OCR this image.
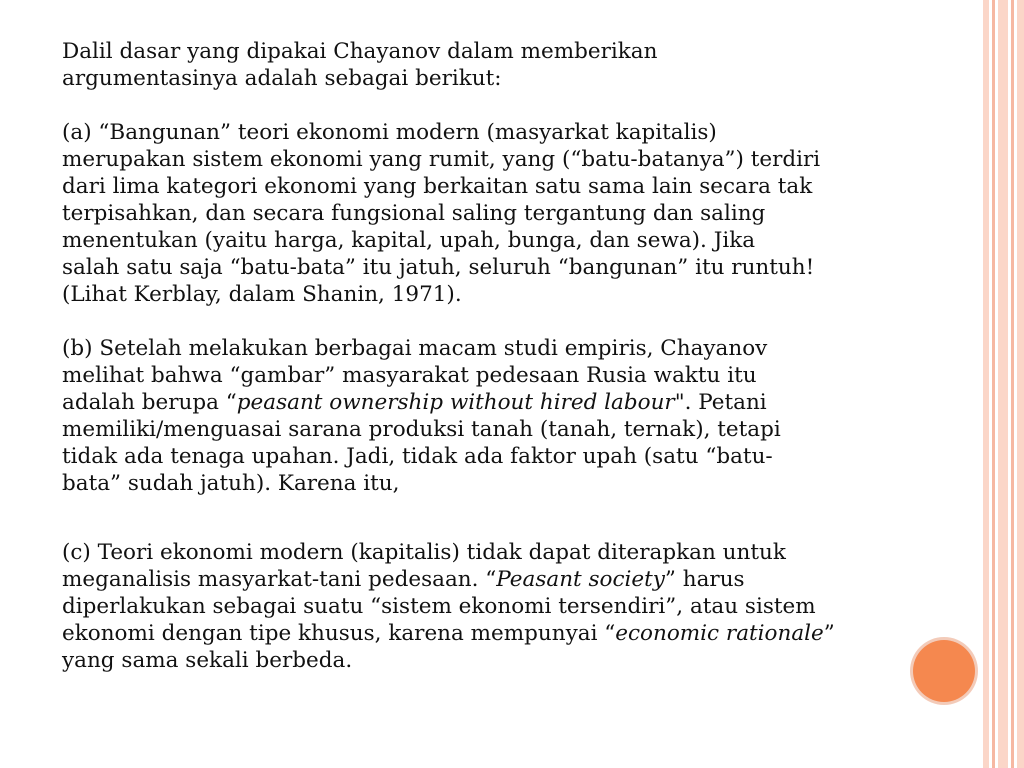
Dalil dasar yang dipakai Chayanov dalam memberikan
argumentasinya adalah sebagai berikut:
(a) “Bangunan” teori ekonomi modern (masyarkat kapitalis)
merupakan sistem ekonomi yang rumit, yang (“batu-batanya”) terdiri
dari lima kategori ekonomi yang berkaitan satu sama lain secara tak
terpisahkan, dan secara fungsional saling tergantung dan saling
menentukan (yaitu harga, kapital, upah, bunga, dan sewa). Jika
salah satu saja “batu-bata” itu jatuh, seluruh “bangunan” itu runtuh!
(Lihat Kerblay, dalam Shanin, 1971).
(b) Setelah melakukan berbagai macam studi empiris, Chayanov
melihat bahwa “gambar” masyarakat pedesaan Rusia waktu itu
adalah berupa “peasant ownership without hired labour". Petani
memiliki/menguasai sarana produksi tanah (tanah, ternak), tetapi
tidak ada tenaga upahan. Jadi, tidak ada faktor upah (satu “batu-
bata” sudah jatuh). Karena itu,
(c) Teori ekonomi modern (kapitalis) tidak dapat diterapkan untuk
meganalisis masyarkat-tani pedesaan. “Peasant society” harus
diperlakukan sebagai suatu “sistem ekonomi tersendiri”, atau sistem
ekonomi dengan tipe khusus, karena mempunyai “economic rationale”
yang sama sekali berbeda.
